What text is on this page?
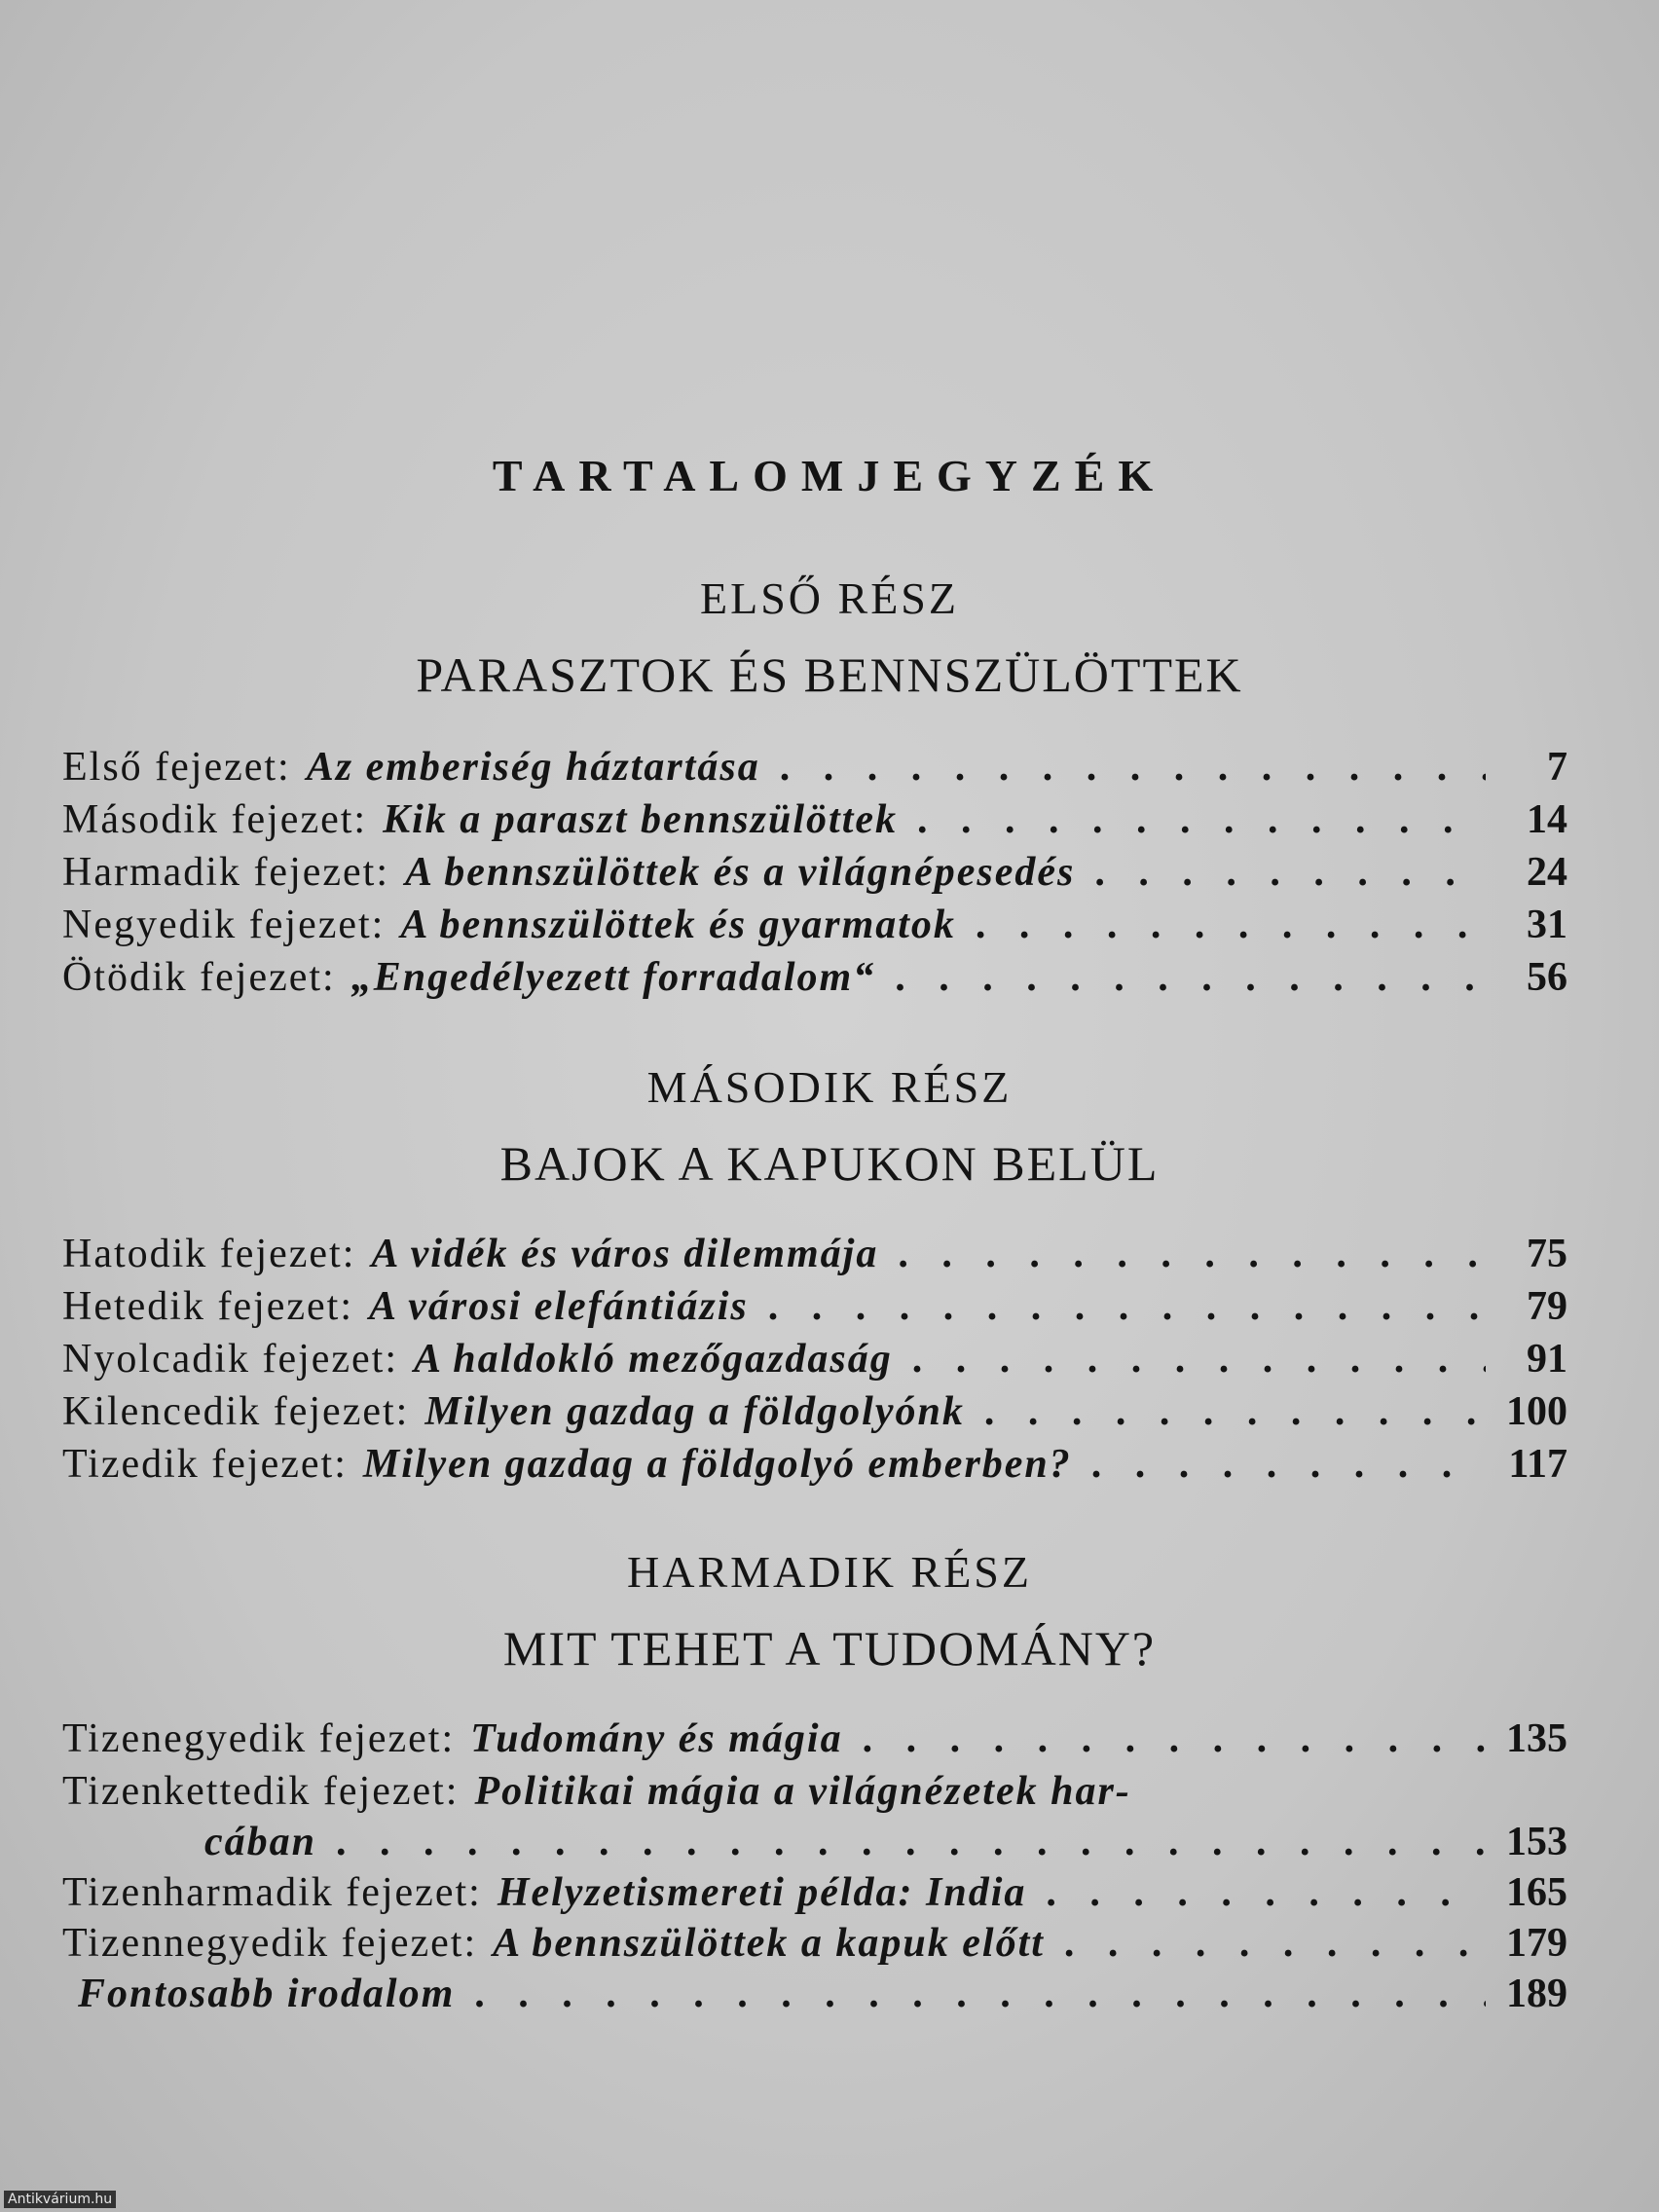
TARTALOMJEGYZÉK
ELSŐ RÉSZ
PARASZTOK ÉS BENNSZÜLÖTTEK
Első fejezet: Az emberiség háztartása . . .	7
Második fejezet: Kik a paraszt bennszülöttek . . .	14
Harmadik fejezet: A bennszülöttek és a világnépesedés . . .	24
Negyedik fejezet: A bennszülöttek és gyarmatok . . .	31
Ötödik fejezet: „Engedélyezett forradalom“ . . .	56
MÁSODIK RÉSZ
BAJOK A KAPUKON BELÜL
Hatodik fejezet: A vidék és város dilemmája . . .	75
Hetedik fejezet: A városi elefántiázis . . .	79
Nyolcadik fejezet: A haldokló mezőgazdaság . . .	91
Kilencedik fejezet: Milyen gazdag a földgolyónk . . .	100
Tizedik fejezet: Milyen gazdag a földgolyó emberben? . . .	117
HARMADIK RÉSZ
MIT TEHET A TUDOMÁNY?
Tizenegyedik fejezet: Tudomány és mágia . . .	135
Tizenkettedik fejezet: Politikai mágia a világnézetek har-
cában . . .	153
Tizenharmadik fejezet: Helyzetismereti példa: India . . .	165
Tizennegyedik fejezet: A bennszülöttek a kapuk előtt . . .	179
Fontosabb irodalom . . .	189
Antikvárium.hu
